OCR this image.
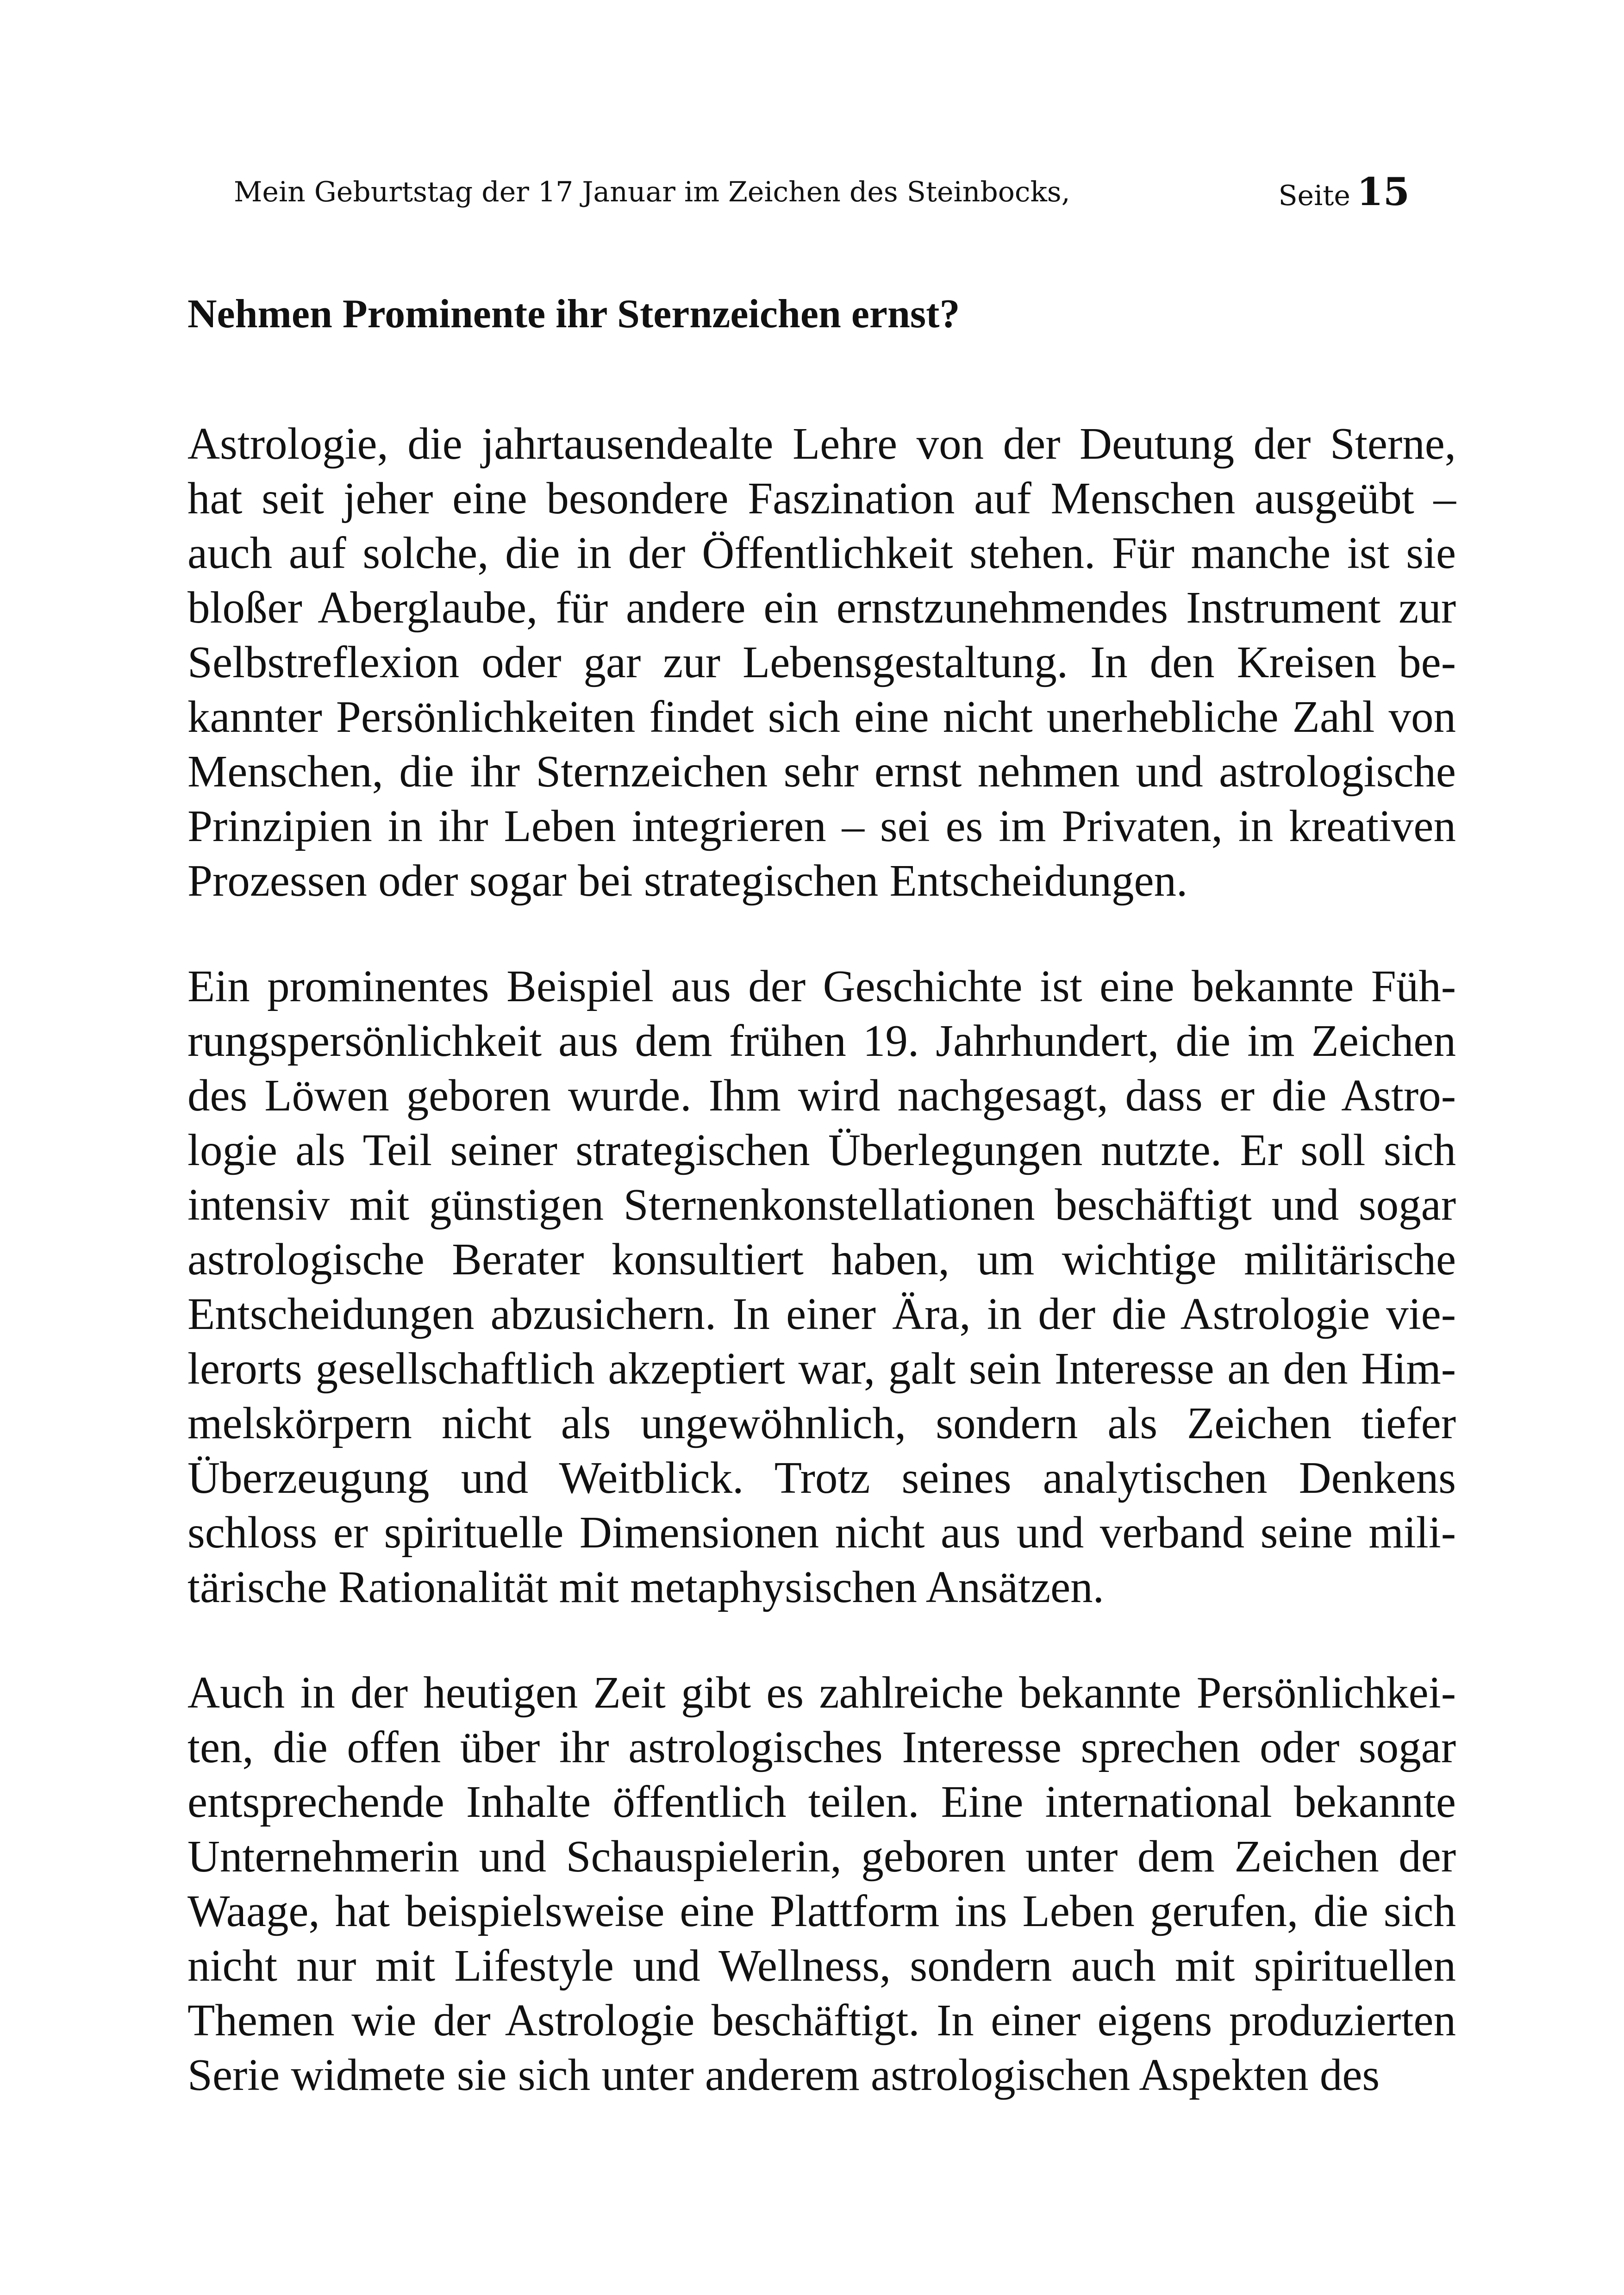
Mein Geburtstag der 17 Januar im Zeichen des Steinbocks,	Seite 15
Nehmen Prominente ihr Sternzeichen ernst?

Astrologie, die jahrtausendealte Lehre von der Deutung der Sterne, hat seit jeher eine besondere Faszination auf Menschen ausgeübt – auch auf solche, die in der Öffentlichkeit stehen. Für manche ist sie bloßer Aberglaube, für andere ein ernstzunehmendes Instrument zur Selbstreflexion oder gar zur Lebensgestaltung. In den Kreisen bekannter Persönlichkeiten findet sich eine nicht unerhebliche Zahl von Menschen, die ihr Sternzeichen sehr ernst nehmen und astrologische Prinzipien in ihr Leben integrieren – sei es im Privaten, in kreativen Prozessen oder sogar bei strategischen Entscheidungen.

Ein prominentes Beispiel aus der Geschichte ist eine bekannte Führungspersönlichkeit aus dem frühen 19. Jahrhundert, die im Zeichen des Löwen geboren wurde. Ihm wird nachgesagt, dass er die Astrologie als Teil seiner strategischen Überlegungen nutzte. Er soll sich intensiv mit günstigen Sternenkonstellationen beschäftigt und sogar astrologische Berater konsultiert haben, um wichtige militärische Entscheidungen abzusichern. In einer Ära, in der die Astrologie vielerorts gesellschaftlich akzeptiert war, galt sein Interesse an den Himmelskörpern nicht als ungewöhnlich, sondern als Zeichen tiefer Überzeugung und Weitblick. Trotz seines analytischen Denkens schloss er spirituelle Dimensionen nicht aus und verband seine militärische Rationalität mit metaphysischen Ansätzen.

Auch in der heutigen Zeit gibt es zahlreiche bekannte Persönlichkeiten, die offen über ihr astrologisches Interesse sprechen oder sogar entsprechende Inhalte öffentlich teilen. Eine international bekannte Unternehmerin und Schauspielerin, geboren unter dem Zeichen der Waage, hat beispielsweise eine Plattform ins Leben gerufen, die sich nicht nur mit Lifestyle und Wellness, sondern auch mit spirituellen Themen wie der Astrologie beschäftigt. In einer eigens produzierten Serie widmete sie sich unter anderem astrologischen Aspekten des
